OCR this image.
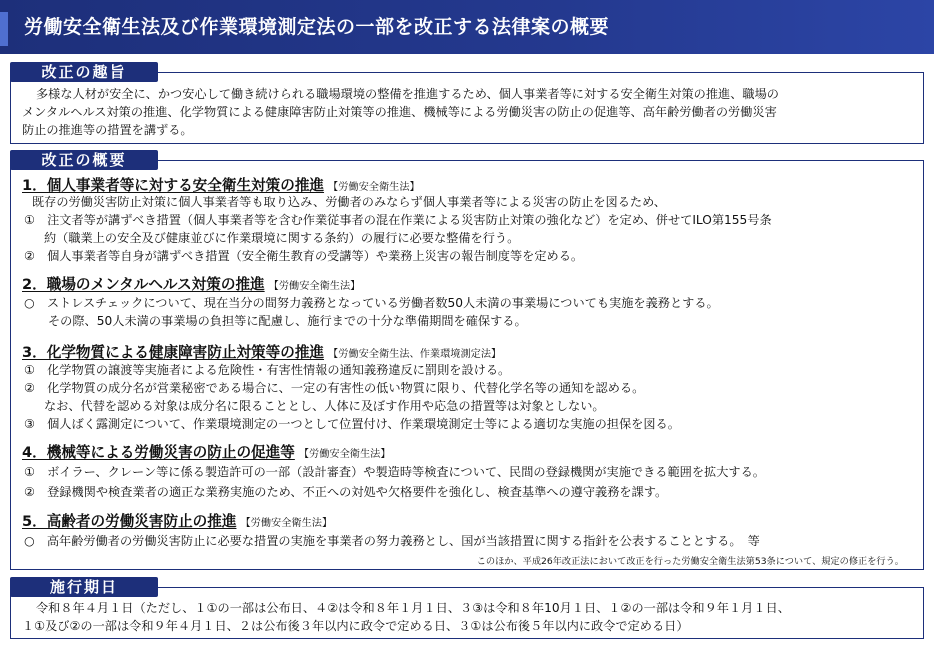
労働安全衛生法及び作業環境測定法の一部を改正する法律案の概要
改正の趣旨
多様な人材が安全に、かつ安心して働き続けられる職場環境の整備を推進するため、個人事業者等に対する安全衛生対策の推進、職場の
メンタルヘルス対策の推進、化学物質による健康障害防止対策等の推進、機械等による労働災害の防止の促進等、高年齢労働者の労働災害
防止の推進等の措置を講ずる。
改正の概要
1．個人事業者等に対する安全衛生対策の推進 【労働安全衛生法】
既存の労働災害防止対策に個人事業者等も取り込み、労働者のみならず個人事業者等による災害の防止を図るため、
①　注文者等が講ずべき措置（個人事業者等を含む作業従事者の混在作業による災害防止対策の強化など）を定め、併せてILO第155号条
約（職業上の安全及び健康並びに作業環境に関する条約）の履行に必要な整備を行う。
②　個人事業者等自身が講ずべき措置（安全衛生教育の受講等）や業務上災害の報告制度等を定める。
2．職場のメンタルヘルス対策の推進 【労働安全衛生法】
○　ストレスチェックについて、現在当分の間努力義務となっている労働者数50人未満の事業場についても実施を義務とする。
その際、50人未満の事業場の負担等に配慮し、施行までの十分な準備期間を確保する。
3．化学物質による健康障害防止対策等の推進 【労働安全衛生法、作業環境測定法】
①　化学物質の譲渡等実施者による危険性・有害性情報の通知義務違反に罰則を設ける。
②　化学物質の成分名が営業秘密である場合に、一定の有害性の低い物質に限り、代替化学名等の通知を認める。
なお、代替を認める対象は成分名に限ることとし、人体に及ぼす作用や応急の措置等は対象としない。
③　個人ばく露測定について、作業環境測定の一つとして位置付け、作業環境測定士等による適切な実施の担保を図る。
4．機械等による労働災害の防止の促進等 【労働安全衛生法】
①　ボイラー、クレーン等に係る製造許可の一部（設計審査）や製造時等検査について、民間の登録機関が実施できる範囲を拡大する。
②　登録機関や検査業者の適正な業務実施のため、不正への対処や欠格要件を強化し、検査基準への遵守義務を課す。
5．高齢者の労働災害防止の推進 【労働安全衛生法】
○　高年齢労働者の労働災害防止に必要な措置の実施を事業者の努力義務とし、国が当該措置に関する指針を公表することとする。　等
このほか、平成26年改正法において改正を行った労働安全衛生法第53条について、規定の修正を行う。
施行期日
令和８年４月１日（ただし、１①の一部は公布日、４②は令和８年１月１日、３③は令和８年10月１日、１②の一部は令和９年１月１日、
１①及び②の一部は令和９年４月１日、２は公布後３年以内に政令で定める日、３①は公布後５年以内に政令で定める日）
